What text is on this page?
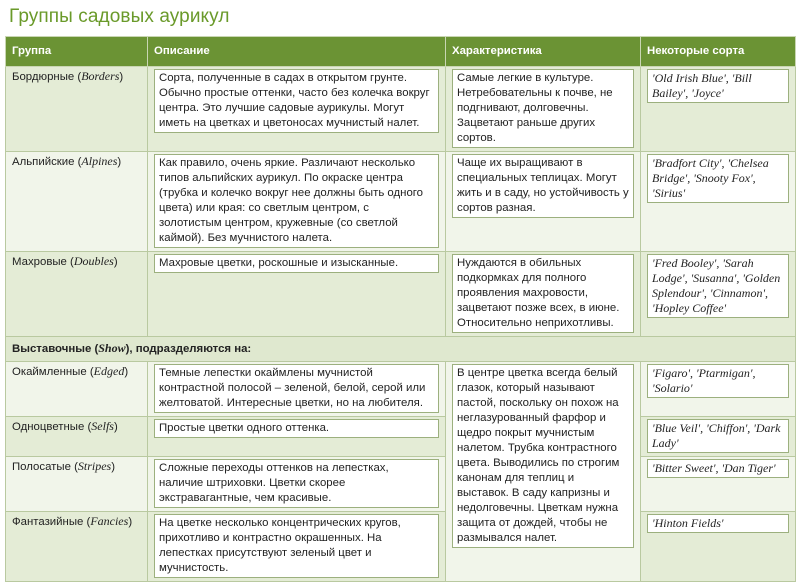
Группы садовых аурикул
Группа	Описание	Характеристика	Некоторые сорта
Бордюрные (Borders)	Сорта, полученные в садах в открытом грунте. Обычно простые оттенки, часто без колечка вокруг центра. Это лучшие садовые аурикулы. Могут иметь на цветках и цветоносах мучнистый налет.	Самые легкие в культуре. Нетребовательны к почве, не подгнивают, долговечны. Зацветают раньше других сортов.	'Old Irish Blue', 'Bill Bailey', 'Joyce'

Альпийские (Alpines)	Как правило, очень яркие. Различают несколько типов альпийских аурикул. По окраске центра (трубка и колечко вокруг нее должны быть одного цвета) или края: со светлым центром, с золотистым центром, кружевные (со светлой каймой). Без мучнистого налета.	Чаще их выращивают в специальных теплицах. Могут жить и в саду, но устойчивость у сортов разная.	'Bradfort City', 'Chelsea Bridge', 'Snooty Fox', 'Sirius'

Махровые (Doubles)	Махровые цветки, роскошные и изысканные.	Нуждаются в обильных подкормках для полного проявления махровости, зацветают позже всех, в июне. Относительно неприхотливы.	'Fred Booley', 'Sarah Lodge', 'Susanna', 'Golden Splendour', 'Cinnamon', 'Hopley Coffee'

Выставочные (Show), подразделяются на:			
Окаймленные (Edged)	Темные лепестки окаймлены мучнистой контрастной полосой – зеленой, белой, серой или желтоватой. Интересные цветки, но на любителя.	В центре цветка всегда белый глазок, который называют пастой, поскольку он похож на неглазурованный фарфор и щедро покрыт мучнистым налетом. Трубка контрастного цвета. Выводились по строгим канонам для теплиц и выставок. В саду капризны и недолговечны. Цветкам нужна защита от дождей, чтобы не размывался налет.	'Figaro', 'Ptarmigan', 'Solario'

Одноцветные (Selfs)	Простые цветки одного оттенка.		'Blue Veil', 'Chiffon', 'Dark Lady'

Полосатые (Stripes)	Сложные переходы оттенков на лепестках, наличие штриховки. Цветки скорее экстравагантные, чем красивые.		'Bitter Sweet', 'Dan Tiger'

Фантазийные (Fancies)	На цветке несколько концентрических кругов, прихотливо и контрастно окрашенных. На лепестках присутствуют зеленый цвет и мучнистость.		'Hinton Fields'
